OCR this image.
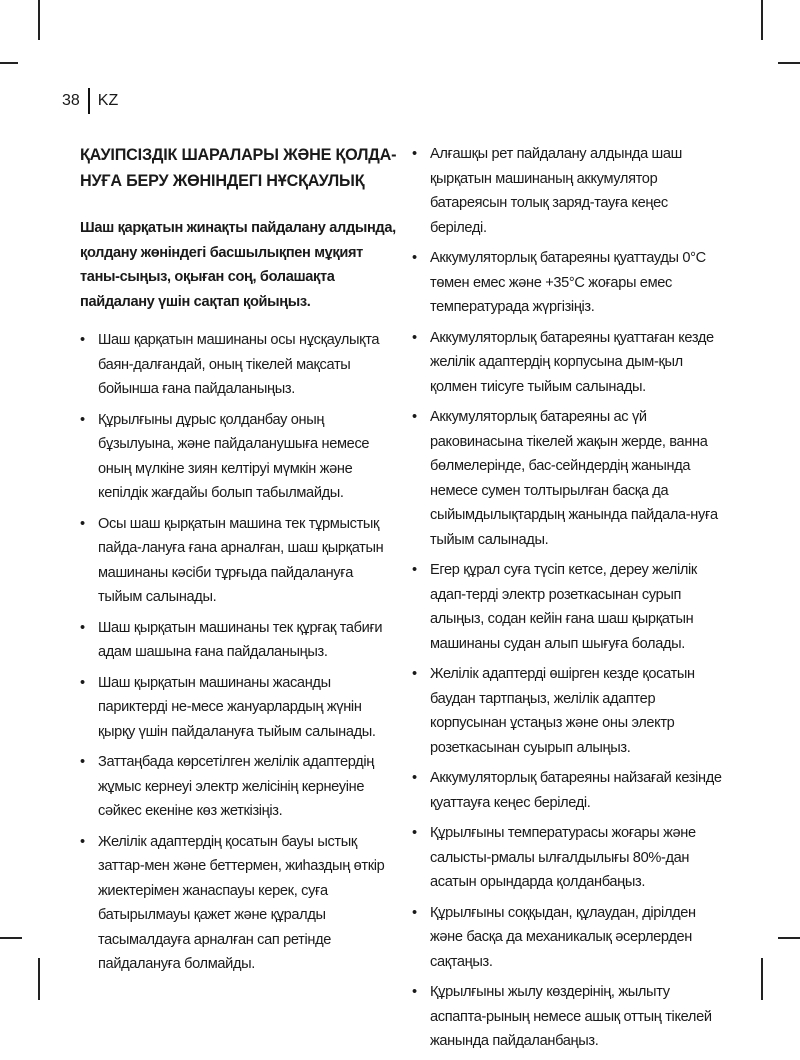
38	KZ
ҚАУІПСІЗДІК ШАРАЛАРЫ ЖӘНЕ ҚОЛДА-
НУҒА БЕРУ ЖӨНІНДЕГІ НҰСҚАУЛЫҚ

Шаш қарқатын жинақты пайдалану алдында, қолдану жөніндегі басшылықпен мұқият таны-сыңыз, оқыған соң, болашақта пайдалану үшін сақтап қойыңыз.

• Шаш қарқатын машинаны осы нұсқаулықта баян-далғандай, оның тікелей мақсаты бойынша ғана пайдаланыңыз.
• Құрылғыны дұрыс қолданбау оның бұзылуына, және пайдаланушыға немесе оның мүлкіне зиян келтіруі мүмкін және кепілдік жағдайы болып табылмайды.
• Осы шаш қырқатын машина тек тұрмыстық пайда-лануға ғана арналған, шаш қырқатын машинаны кәсіби тұрғыда пайдалануға тыйым салынады.
• Шаш қырқатын машинаны тек құрғақ табиғи адам шашына ғана пайдаланыңыз.
• Шаш қырқатын машинаны жасанды париктерді не-месе жануарлардың жүнін қырқу үшін пайдалануға тыйым салынады.
• Заттаңбада көрсетілген желілік адаптердің жұмыс кернеуі электр желісінің кернеуіне сәйкес екеніне көз жеткізіңіз.
• Желілік адаптердің қосатын бауы ыстық заттар-мен және беттермен, жиһаздың өткір жиектерімен жанаспауы керек, суға батырылмауы қажет және құралды тасымалдауға арналған сап ретінде пайдалануға болмайды.
• Алғашқы рет пайдалану алдында шаш қырқатын машинаның аккумулятор батареясын толық заряд-тауға кеңес беріледі.
• Аккумуляторлық батареяны қуаттауды 0°C төмен емес және +35°C жоғары емес температурада жүргізіңіз.
• Аккумуляторлық батареяны қуаттаған кезде желілік адаптердің корпусына дым-қыл қолмен тиісуге тыйым салынады.
• Аккумуляторлық батареяны ас үй раковинасына тікелей жақын жерде, ванна бөлмелерінде, бас-сейндердің жанында немесе сумен толтырылған басқа да сыйымдылықтардың жанында пайдала-нуға тыйым салынады.
• Егер құрал суға түсіп кетсе, дереу желілік адап-терді электр розеткасынан сурып алыңыз, содан кейін ғана шаш қырқатын машинаны судан алып шығуға болады.
• Желілік адаптерді өшірген кезде қосатын баудан тартпаңыз, желілік адаптер корпусынан ұстаңыз және оны электр розеткасынан суырып алыңыз.
• Аккумуляторлық батареяны найзағай кезінде қуаттауға кеңес беріледі.
• Құрылғыны температурасы жоғары және салысты-рмалы ылғалдылығы 80%-дан асатын орындарда қолданбаңыз.
• Құрылғыны соққыдан, құлаудан, дірілден және басқа да механикалық әсерлерден сақтаңыз.
• Құрылғыны жылу көздерінің, жылыту аспапта-рының немесе ашық оттың тікелей жанында пайдаланбаңыз.
